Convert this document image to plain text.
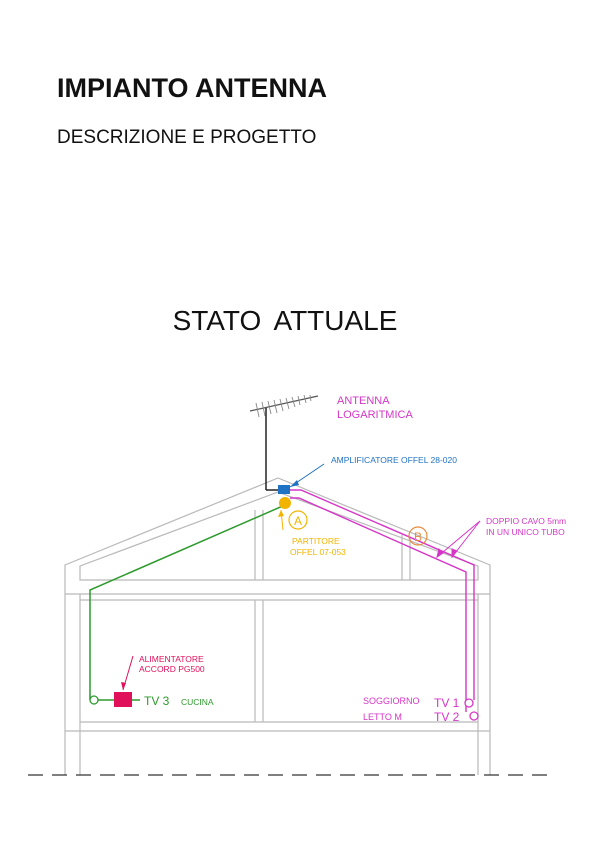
IMPIANTO ANTENNA
DESCRIZIONE E PROGETTO
STATO ATTUALE
ANTENNA
LOGARITMICA
AMPLIFICATORE OFFEL 28-020
PARTITORE
OFFEL 07-053
A
B
DOPPIO CAVO 5mm
IN UN UNICO TUBO
ALIMENTATORE
ACCORD PG500
TV 3 CUCINA	SOGGIORNO
LETTO M
TV 1
TV 2
